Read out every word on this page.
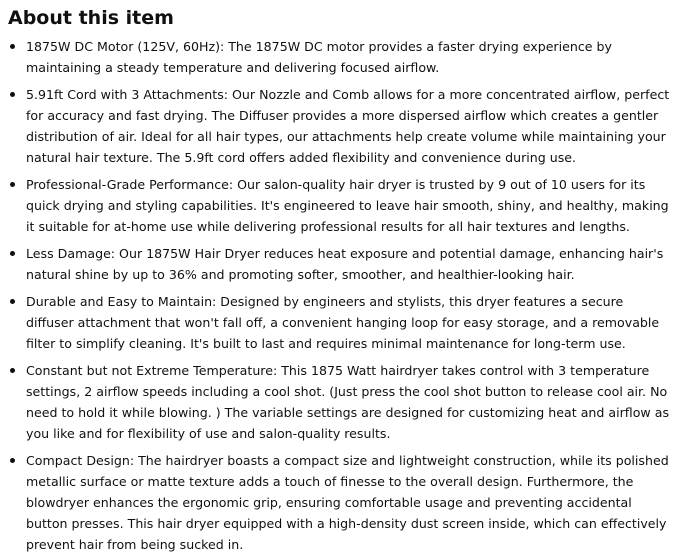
About this item
1875W DC Motor (125V, 60Hz): The 1875W DC motor provides a faster drying experience by maintaining a steady temperature and delivering focused airflow.
5.91ft Cord with 3 Attachments: Our Nozzle and Comb allows for a more concentrated airflow, perfect for accuracy and fast drying. The Diffuser provides a more dispersed airflow which creates a gentler distribution of air. Ideal for all hair types, our attachments help create volume while maintaining your natural hair texture. The 5.9ft cord offers added flexibility and convenience during use.
Professional-Grade Performance: Our salon-quality hair dryer is trusted by 9 out of 10 users for its quick drying and styling capabilities. It's engineered to leave hair smooth, shiny, and healthy, making it suitable for at-home use while delivering professional results for all hair textures and lengths.
Less Damage: Our 1875W Hair Dryer reduces heat exposure and potential damage, enhancing hair's natural shine by up to 36% and promoting softer, smoother, and healthier-looking hair.
Durable and Easy to Maintain: Designed by engineers and stylists, this dryer features a secure diffuser attachment that won't fall off, a convenient hanging loop for easy storage, and a removable filter to simplify cleaning. It's built to last and requires minimal maintenance for long-term use.
Constant but not Extreme Temperature: This 1875 Watt hairdryer takes control with 3 temperature settings, 2 airflow speeds including a cool shot. (Just press the cool shot button to release cool air. No need to hold it while blowing. ) The variable settings are designed for customizing heat and airflow as you like and for flexibility of use and salon-quality results.
Compact Design: The hairdryer boasts a compact size and lightweight construction, while its polished metallic surface or matte texture adds a touch of finesse to the overall design. Furthermore, the blowdryer enhances the ergonomic grip, ensuring comfortable usage and preventing accidental button presses. This hair dryer equipped with a high-density dust screen inside, which can effectively prevent hair from being sucked in.
